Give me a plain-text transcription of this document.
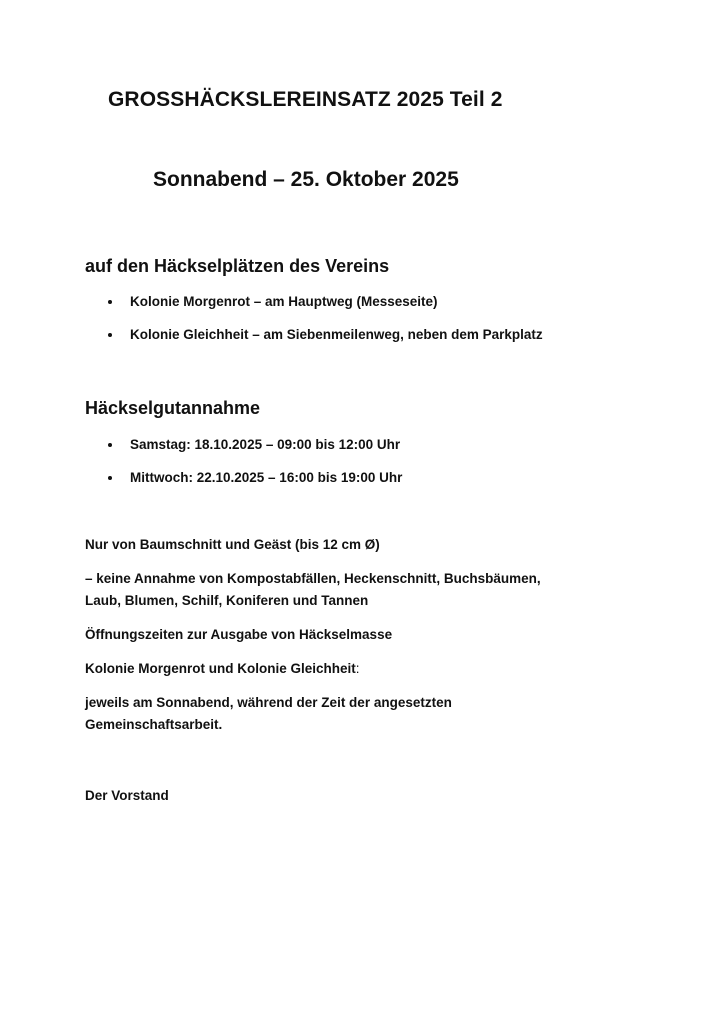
GROSSHÄCKSLEREINSATZ 2025 Teil 2
Sonnabend – 25. Oktober 2025
auf den Häckselplätzen des Vereins
Kolonie Morgenrot – am Hauptweg (Messeseite)
Kolonie Gleichheit – am Siebenmeilenweg, neben dem Parkplatz
Häckselgutannahme
Samstag: 18.10.2025 – 09:00 bis 12:00 Uhr
Mittwoch: 22.10.2025 – 16:00 bis 19:00 Uhr

Nur von Baumschnitt und Geäst (bis 12 cm Ø)

– keine Annahme von Kompostabfällen, Heckenschnitt, Buchsbäumen,
Laub, Blumen, Schilf, Koniferen und Tannen

Öffnungszeiten zur Ausgabe von Häckselmasse

Kolonie Morgenrot und Kolonie Gleichheit:

jeweils am Sonnabend, während der Zeit der angesetzten
Gemeinschaftsarbeit.

Der Vorstand
